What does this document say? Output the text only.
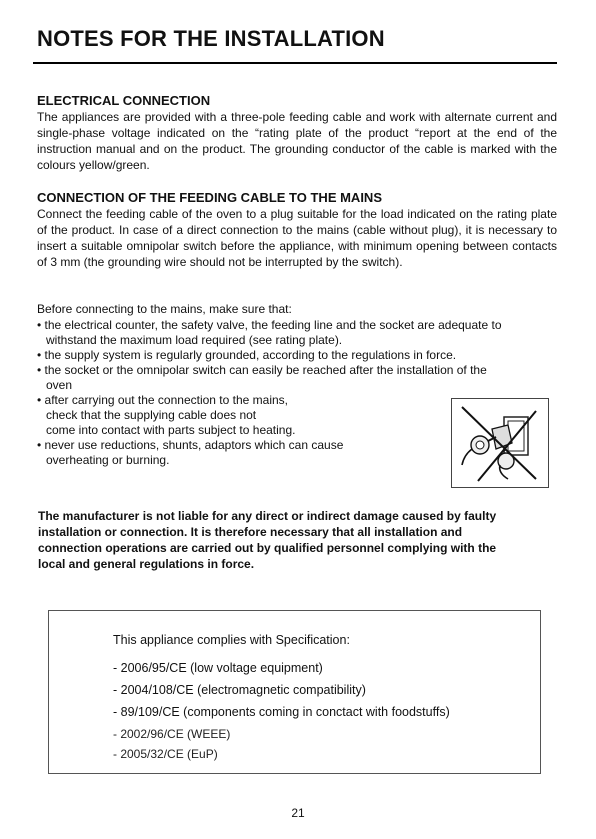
NOTES FOR THE INSTALLATION

ELECTRICAL CONNECTION

The appliances are provided with a three-pole feeding cable and work with alternate current and single-phase voltage indicated on the “rating plate of the product “report at the end of the instruction manual and on the product. The grounding conductor of the cable is marked with the colours yellow/green.

CONNECTION OF THE FEEDING CABLE TO THE MAINS

Connect the feeding cable of the oven to a plug suitable for the load indicated on the rating plate of the product. In case of a direct connection to the mains (cable without plug), it is necessary to insert a suitable omnipolar switch before the appliance, with minimum opening between contacts of 3 mm (the grounding wire should not be interrupted by the switch).

Before connecting to the mains, make sure that:
• the electrical counter, the safety valve, the feeding line and the socket are adequate to
withstand the maximum load required (see rating plate).
• the supply system is regularly grounded, according to the regulations in force.
• the socket or the omnipolar switch can easily be reached after the installation of the
oven
• after carrying out the connection to the mains,
check that the supplying cable does not
come into contact with parts subject to heating.
• never use reductions, shunts, adaptors which can cause
overheating or burning.
The manufacturer is not liable for any direct or indirect damage caused by faulty
installation or connection. It is therefore necessary that all installation and
connection operations are carried out by qualified personnel complying with the
local and general regulations in force.
This appliance complies with Specification:
- 2006/95/CE (low voltage equipment)
- 2004/108/CE (electromagnetic compatibility)
- 89/109/CE (components coming in conctact with foodstuffs)
- 2002/96/CE (WEEE)
- 2005/32/CE (EuP)
21
